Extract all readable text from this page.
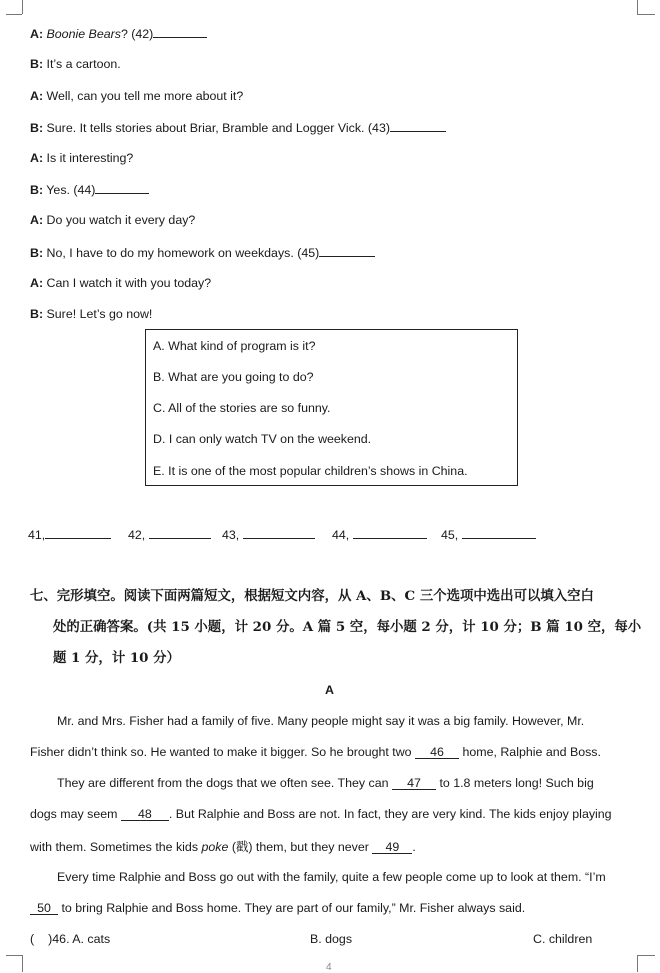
A: Boonie Bears? (42)
B: It’s a cartoon.
A: Well, can you tell me more about it?
B: Sure. It tells stories about Briar, Bramble and Logger Vick. (43)
A: Is it interesting?
B: Yes. (44)
A: Do you watch it every day?
B: No, I have to do my homework on weekdays. (45)
A: Can I watch it with you today?
B: Sure! Let’s go now!
A. What kind of program is it?
B. What are you going to do?
C. All of the stories are so funny.
D. I can only watch TV on the weekend.
E. It is one of the most popular children’s shows in China.
41,	42,	43,	44,	45,
七、完形填空。阅读下面两篇短文，根据短文内容，从 A、B、C 三个选项中选出可以填入空白
处的正确答案。(共 15 小题，计 20 分。A 篇 5 空，每小题 2 分，计 10 分；B 篇 10 空，每小
题 1 分，计 10 分）
A
Mr. and Mrs. Fisher had a family of five. Many people might say it was a big family. However, Mr.
Fisher didn’t think so. He wanted to make it bigger. So he brought two 46 home, Ralphie and Boss.
They are different from the dogs that we often see. They can 47 to 1.8 meters long! Such big
dogs may seem 48 . But Ralphie and Boss are not. In fact, they are very kind. The kids enjoy playing
with them. Sometimes the kids poke (戳) them, but they never 49 .
Every time Ralphie and Boss go out with the family, quite a few people come up to look at them. “I’m
50 to bring Ralphie and Boss home. They are part of our family,” Mr. Fisher always said.
( )46. A. cats	B. dogs	C. children
4
